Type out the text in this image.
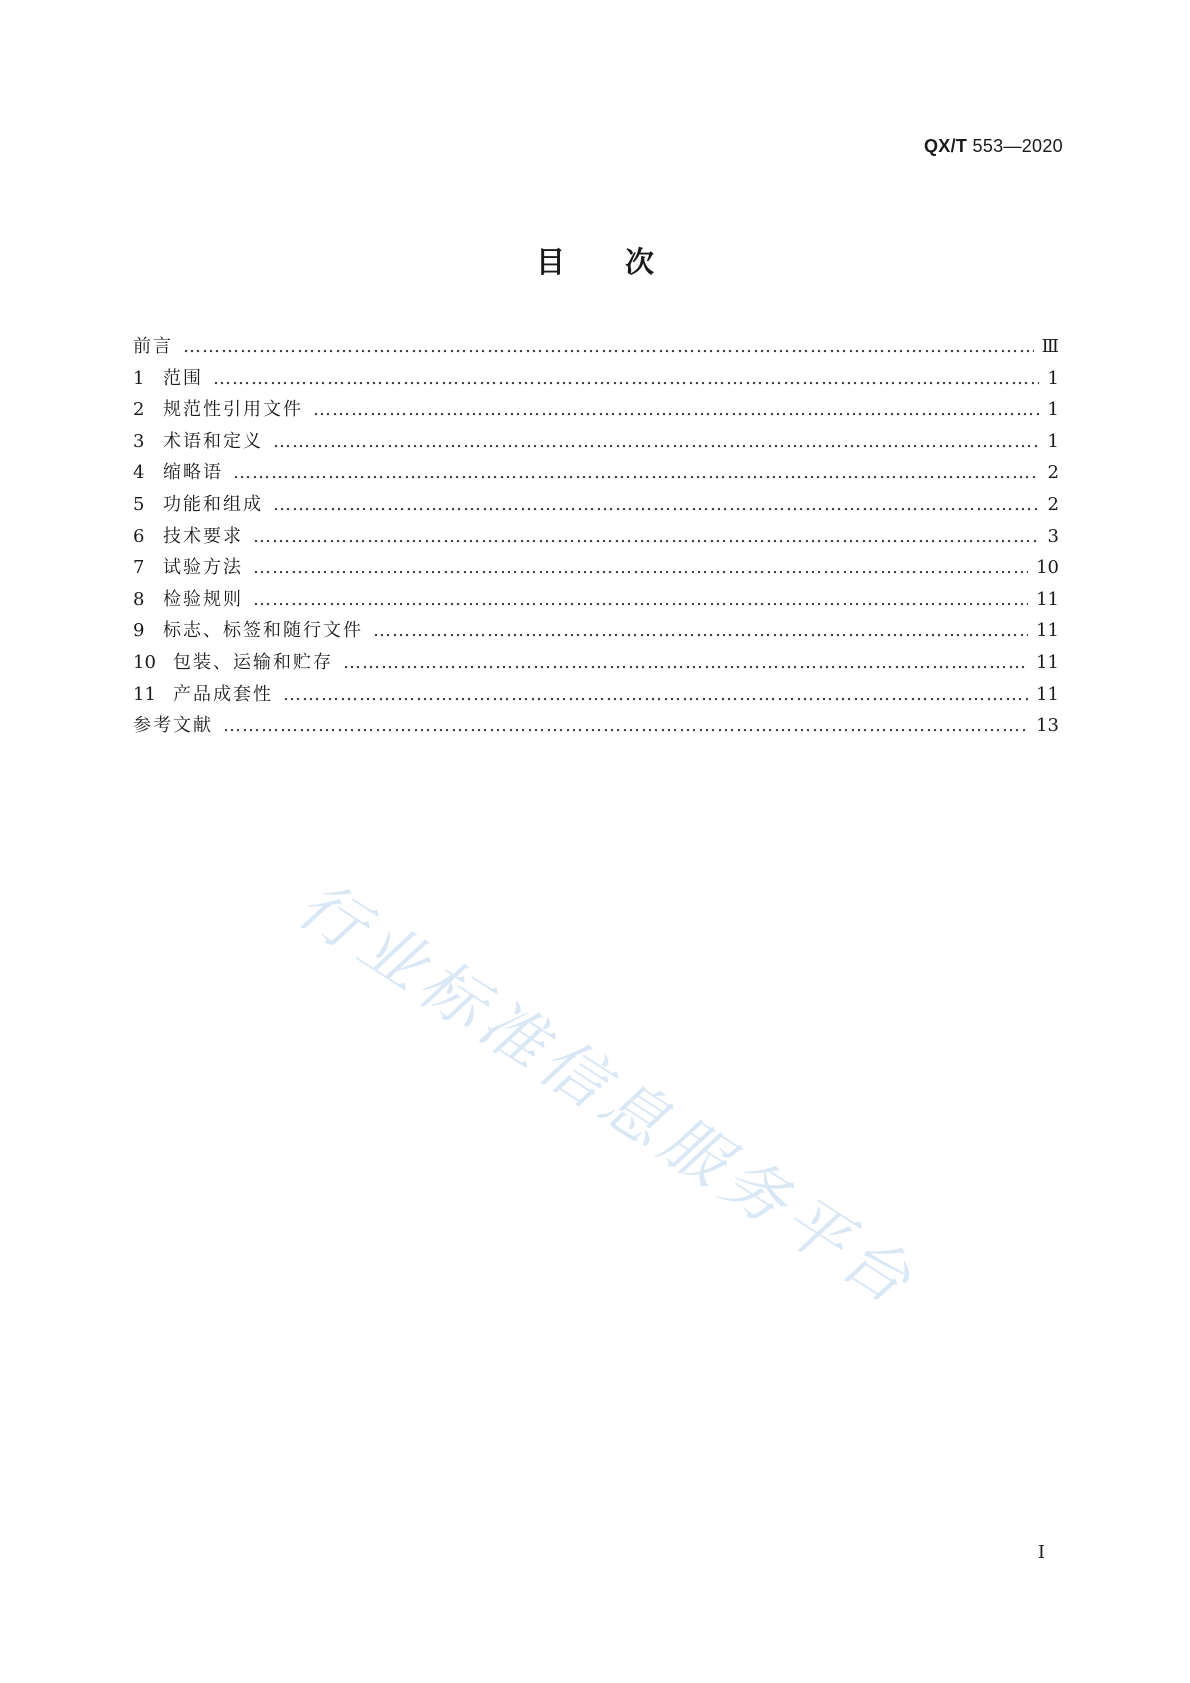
QX/T 553—2020
目次
前言 …………………………………………………………………………………………………………………………………………………………………………………………………………………………	Ⅲ
1	范围 …………………………………………………………………………………………………………………………………………………………………………………………………………………………	1
2	规范性引用文件 …………………………………………………………………………………………………………………………………………………………………………………………………………………………	1
3	术语和定义 …………………………………………………………………………………………………………………………………………………………………………………………………………………………	1
4	缩略语 …………………………………………………………………………………………………………………………………………………………………………………………………………………………	2
5	功能和组成 …………………………………………………………………………………………………………………………………………………………………………………………………………………………	2
6	技术要求 …………………………………………………………………………………………………………………………………………………………………………………………………………………………	3
7	试验方法 …………………………………………………………………………………………………………………………………………………………………………………………………………………………	10
8	检验规则 …………………………………………………………………………………………………………………………………………………………………………………………………………………………	11
9	标志、标签和随行文件 …………………………………………………………………………………………………………………………………………………………………………………………………………………………	11
10 包装、运输和贮存 …………………………………………………………………………………………………………………………………………………………………………………………………………………………	11
11 产品成套性 …………………………………………………………………………………………………………………………………………………………………………………………………………………………	11
参考文献 …………………………………………………………………………………………………………………………………………………………………………………………………………………………	13
行业标准信息服务平台
I
